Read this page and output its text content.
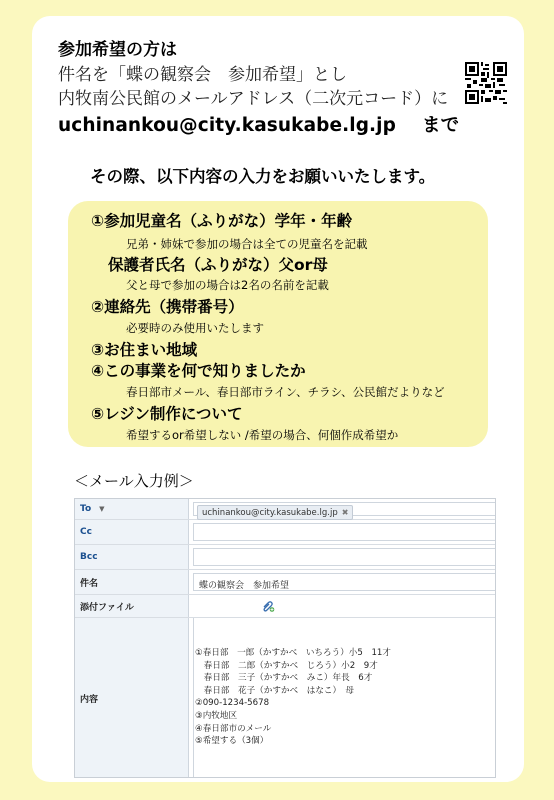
参加希望の方は
件名を「蝶の観察会　参加希望」とし
内牧南公民館のメールアドレス（二次元コード）に
uchinankou@city.kasukabe.lg.jp まで
その際、以下内容の入力をお願いいたします。
①参加児童名（ふりがな）学年・年齢
兄弟・姉妹で参加の場合は全ての児童名を記載
保護者氏名（ふりがな）父or母
父と母で参加の場合は2名の名前を記載
②連絡先（携帯番号）
必要時のみ使用いたします
③お住まい地域
④この事業を何で知りましたか
春日部市メール、春日部市ライン、チラシ、公民館だよりなど
⑤レジン制作について
希望するor希望しない /希望の場合、何個作成希望か
＜メール入力例＞
To ▼	uchinankou@city.kasukabe.lg.jp ✖
Cc
Bcc
件名	蝶の観察会　参加希望
添付ファイル
内容
①春日部　一郎（かすかべ　いちろう）小5　11才
　春日部　二郎（かすかべ　じろう）小2　9才
　春日部　三子（かすかべ　みこ）年長　6才
　春日部　花子（かすかべ　はなこ）　母
②090-1234-5678
③内牧地区
④春日部市のメール
⑤希望する（3個）
